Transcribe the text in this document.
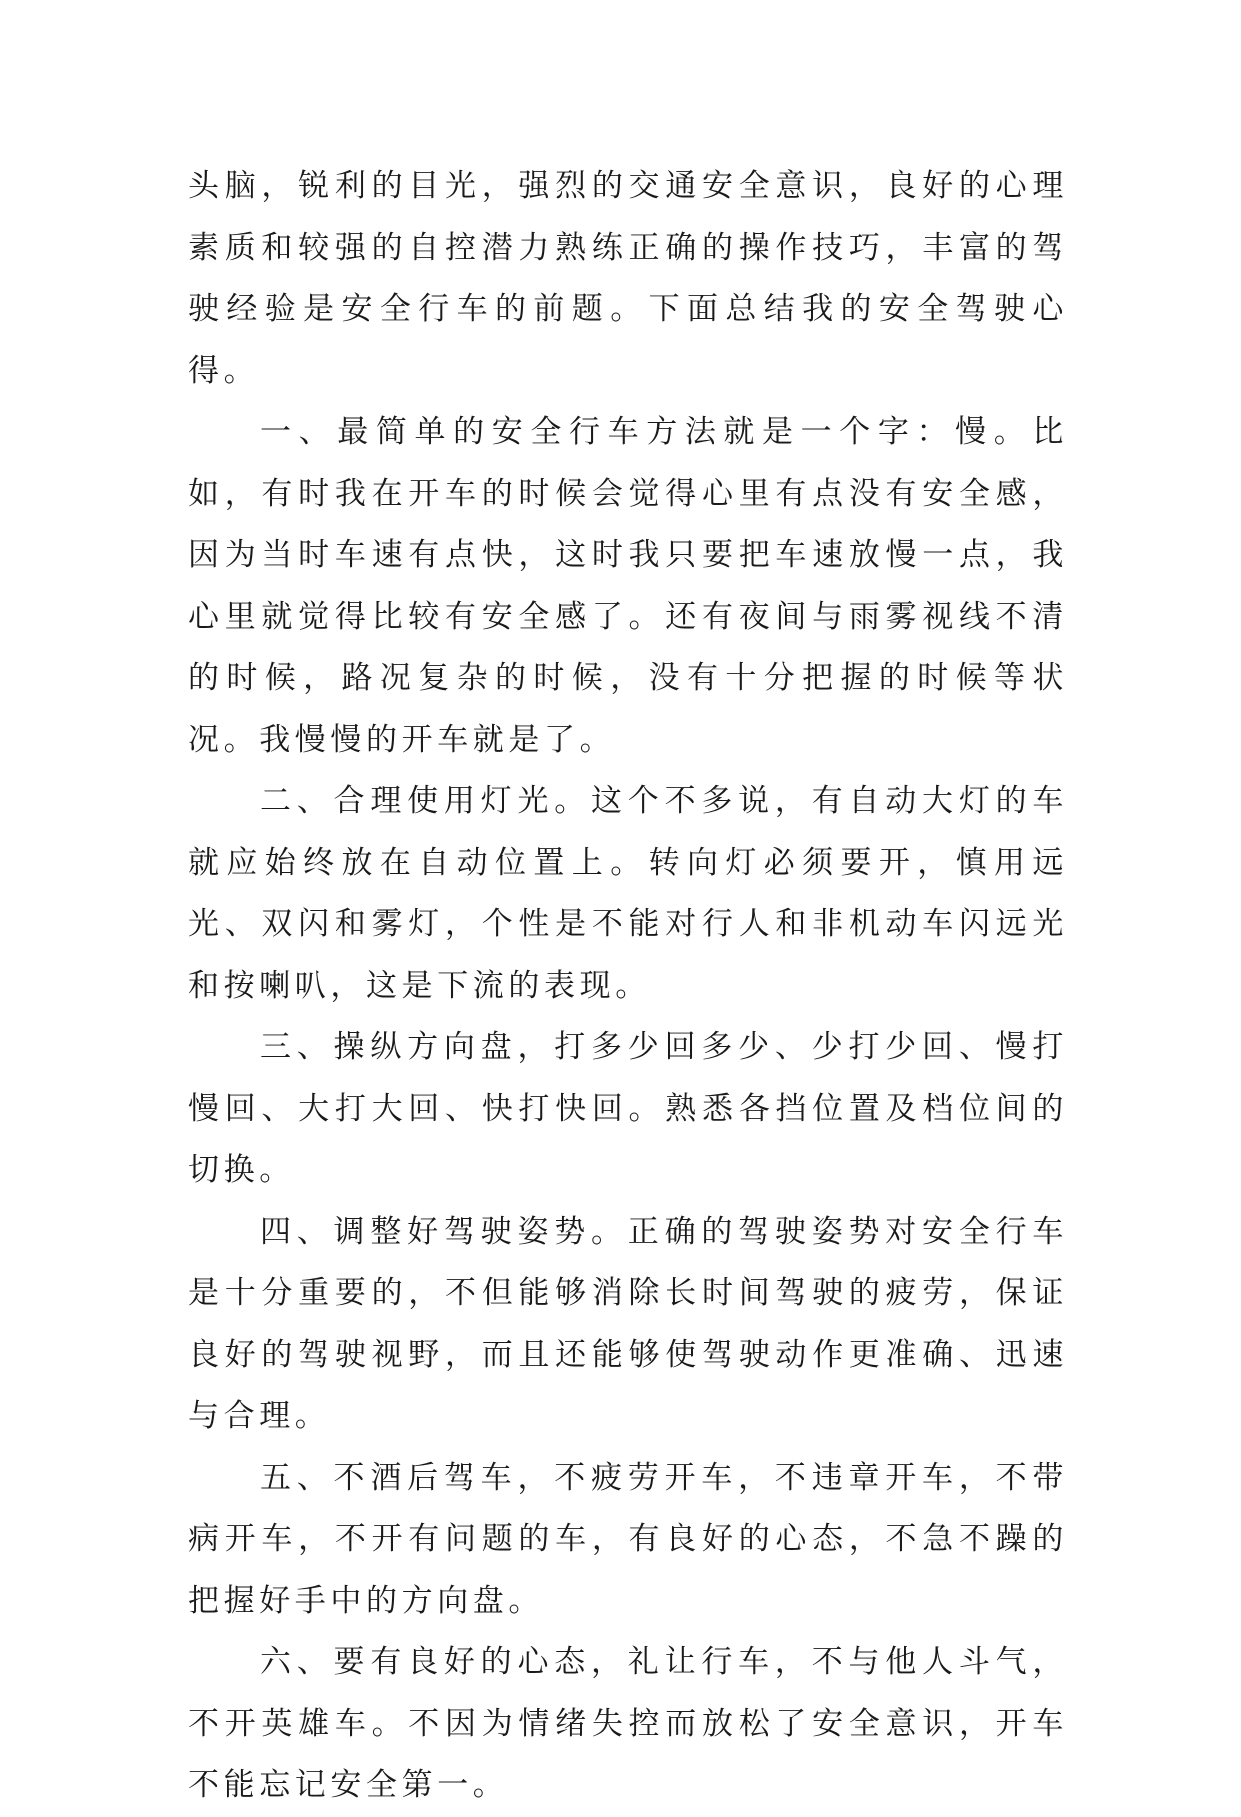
头脑，锐利的目光，强烈的交通安全意识，良好的心理素质和较强的自控潜力熟练正确的操作技巧，丰富的驾驶经验是安全行车的前题。下面总结我的安全驾驶心得。

一、最简单的安全行车方法就是一个字：慢。比如，有时我在开车的时候会觉得心里有点没有安全感，因为当时车速有点快，这时我只要把车速放慢一点，我心里就觉得比较有安全感了。还有夜间与雨雾视线不清的时候，路况复杂的时候，没有十分把握的时候等状况。我慢慢的开车就是了。

二、合理使用灯光。这个不多说，有自动大灯的车就应始终放在自动位置上。转向灯必须要开，慎用远光、双闪和雾灯，个性是不能对行人和非机动车闪远光和按喇叭，这是下流的表现。

三、操纵方向盘，打多少回多少、少打少回、慢打慢回、大打大回、快打快回。熟悉各挡位置及档位间的切换。

四、调整好驾驶姿势。正确的驾驶姿势对安全行车是十分重要的，不但能够消除长时间驾驶的疲劳，保证良好的驾驶视野，而且还能够使驾驶动作更准确、迅速与合理。

五、不酒后驾车，不疲劳开车，不违章开车，不带病开车，不开有问题的车，有良好的心态，不急不躁的把握好手中的方向盘。

六、要有良好的心态，礼让行车，不与他人斗气，不开英雄车。不因为情绪失控而放松了安全意识，开车不能忘记安全第一。
